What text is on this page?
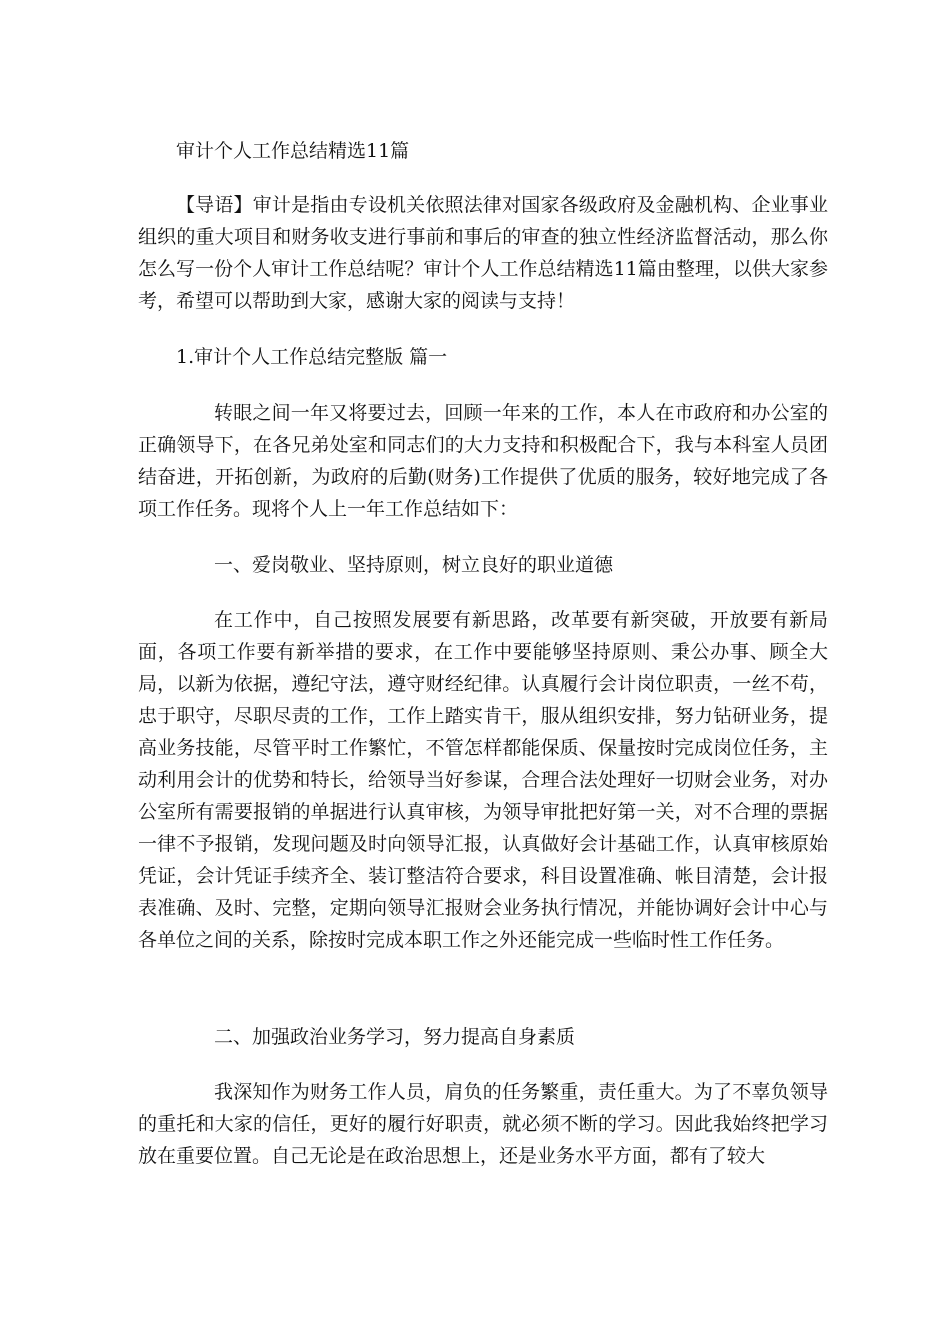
审计个人工作总结精选11篇

【导语】审计是指由专设机关依照法律对国家各级政府及金融机构、企业事业组织的重大项目和财务收支进行事前和事后的审查的独立性经济监督活动，那么你怎么写一份个人审计工作总结呢？审计个人工作总结精选11篇由整理，以供大家参考，希望可以帮助到大家，感谢大家的阅读与支持！

1.审计个人工作总结完整版 篇一

转眼之间一年又将要过去，回顾一年来的工作，本人在市政府和办公室的正确领导下，在各兄弟处室和同志们的大力支持和积极配合下，我与本科室人员团结奋进，开拓创新，为政府的后勤(财务)工作提供了优质的服务，较好地完成了各项工作任务。现将个人上一年工作总结如下：

一、爱岗敬业、坚持原则，树立良好的职业道德

在工作中，自己按照发展要有新思路，改革要有新突破，开放要有新局面，各项工作要有新举措的要求，在工作中要能够坚持原则、秉公办事、顾全大局，以新为依据，遵纪守法，遵守财经纪律。认真履行会计岗位职责，一丝不苟，忠于职守，尽职尽责的工作，工作上踏实肯干，服从组织安排，努力钻研业务，提高业务技能，尽管平时工作繁忙，不管怎样都能保质、保量按时完成岗位任务，主动利用会计的优势和特长，给领导当好参谋，合理合法处理好一切财会业务，对办公室所有需要报销的单据进行认真审核，为领导审批把好第一关，对不合理的票据一律不予报销，发现问题及时向领导汇报，认真做好会计基础工作，认真审核原始凭证，会计凭证手续齐全、装订整洁符合要求，科目设置准确、帐目清楚，会计报表准确、及时、完整，定期向领导汇报财会业务执行情况，并能协调好会计中心与各单位之间的关系，除按时完成本职工作之外还能完成一些临时性工作任务。

二、加强政治业务学习，努力提高自身素质

我深知作为财务工作人员，肩负的任务繁重，责任重大。为了不辜负领导的重托和大家的信任，更好的履行好职责，就必须不断的学习。因此我始终把学习放在重要位置。自己无论是在政治思想上，还是业务水平方面，都有了较大
